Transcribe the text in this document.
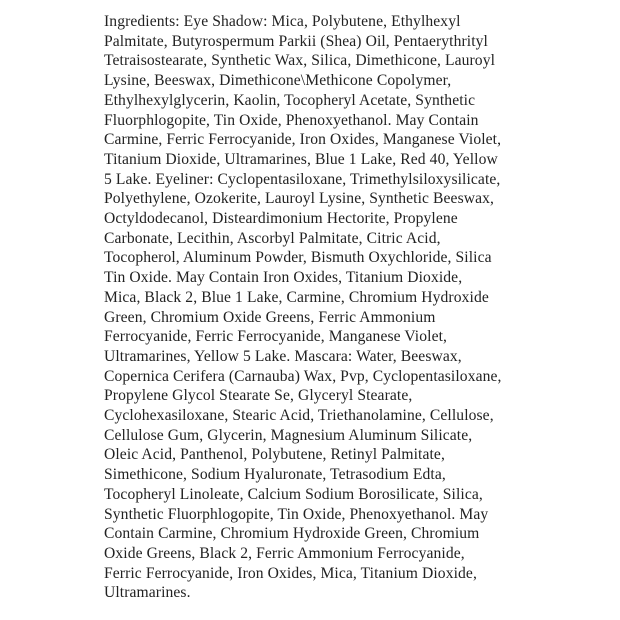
Ingredients: Eye Shadow: Mica, Polybutene, Ethylhexyl
Palmitate, Butyrospermum Parkii (Shea) Oil, Pentaerythrityl
Tetraisostearate, Synthetic Wax, Silica, Dimethicone, Lauroyl
Lysine, Beeswax, Dimethicone\Methicone Copolymer,
Ethylhexylglycerin, Kaolin, Tocopheryl Acetate, Synthetic
Fluorphlogopite, Tin Oxide, Phenoxyethanol. May Contain
Carmine, Ferric Ferrocyanide, Iron Oxides, Manganese Violet,
Titanium Dioxide, Ultramarines, Blue 1 Lake, Red 40, Yellow
5 Lake. Eyeliner: Cyclopentasiloxane, Trimethylsiloxysilicate,
Polyethylene, Ozokerite, Lauroyl Lysine, Synthetic Beeswax,
Octyldodecanol, Disteardimonium Hectorite, Propylene
Carbonate, Lecithin, Ascorbyl Palmitate, Citric Acid,
Tocopherol, Aluminum Powder, Bismuth Oxychloride, Silica
Tin Oxide. May Contain Iron Oxides, Titanium Dioxide,
Mica, Black 2, Blue 1 Lake, Carmine, Chromium Hydroxide
Green, Chromium Oxide Greens, Ferric Ammonium
Ferrocyanide, Ferric Ferrocyanide, Manganese Violet,
Ultramarines, Yellow 5 Lake. Mascara: Water, Beeswax,
Copernica Cerifera (Carnauba) Wax, Pvp, Cyclopentasiloxane,
Propylene Glycol Stearate Se, Glyceryl Stearate,
Cyclohexasiloxane, Stearic Acid, Triethanolamine, Cellulose,
Cellulose Gum, Glycerin, Magnesium Aluminum Silicate,
Oleic Acid, Panthenol, Polybutene, Retinyl Palmitate,
Simethicone, Sodium Hyaluronate, Tetrasodium Edta,
Tocopheryl Linoleate, Calcium Sodium Borosilicate, Silica,
Synthetic Fluorphlogopite, Tin Oxide, Phenoxyethanol. May
Contain Carmine, Chromium Hydroxide Green, Chromium
Oxide Greens, Black 2, Ferric Ammonium Ferrocyanide,
Ferric Ferrocyanide, Iron Oxides, Mica, Titanium Dioxide,
Ultramarines.
